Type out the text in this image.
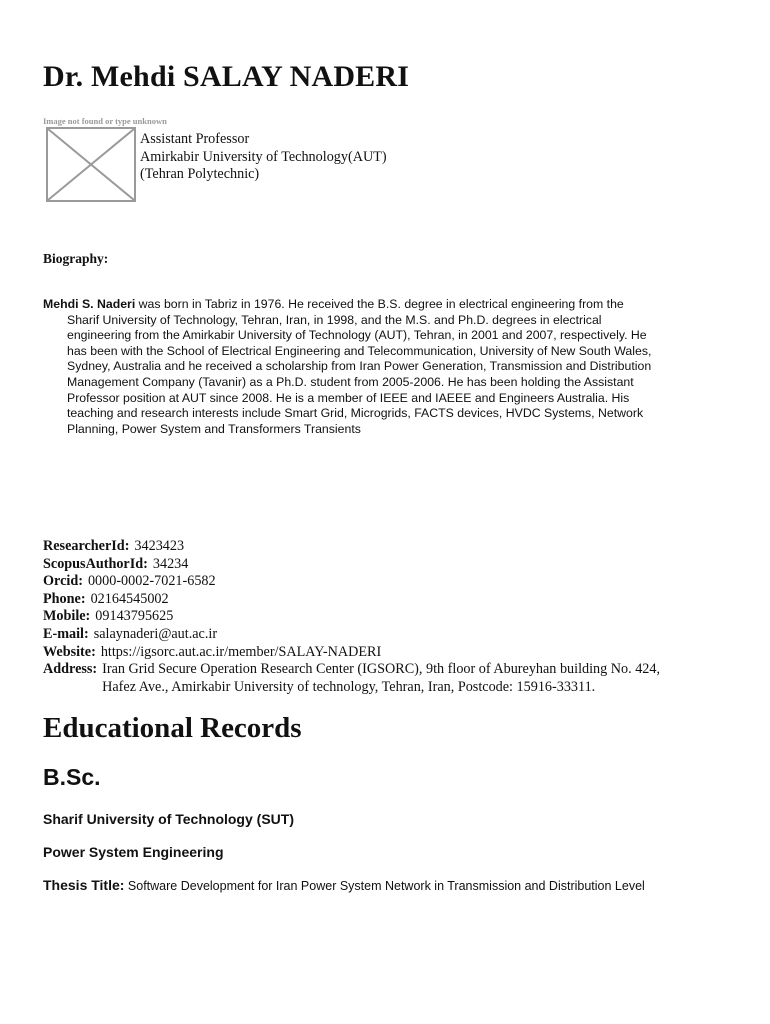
Dr. Mehdi SALAY NADERI
Image not found or type unknown
Assistant Professor
Amirkabir University of Technology(AUT)
(Tehran Polytechnic)
Biography:
Mehdi S. Naderi was born in Tabriz in 1976. He received the B.S. degree in electrical engineering from the
Sharif University of Technology, Tehran, Iran, in 1998, and the M.S. and Ph.D. degrees in electrical
engineering from the Amirkabir University of Technology (AUT), Tehran, in 2001 and 2007, respectively. He
has been with the School of Electrical Engineering and Telecommunication, University of New South Wales,
Sydney, Australia and he received a scholarship from Iran Power Generation, Transmission and Distribution
Management Company (Tavanir) as a Ph.D. student from 2005-2006. He has been holding the Assistant
Professor position at AUT since 2008. He is a member of IEEE and IAEEE and Engineers Australia. His
teaching and research interests include Smart Grid, Microgrids, FACTS devices, HVDC Systems, Network
Planning, Power System and Transformers Transients
ResearcherId: 3423423
ScopusAuthorId: 34234
Orcid: 0000-0002-7021-6582
Phone: 02164545002
Mobile: 09143795625
E-mail: salaynaderi@aut.ac.ir
Website: https://igsorc.aut.ac.ir/member/SALAY-NADERI
Address: Iran Grid Secure Operation Research Center (IGSORC), 9th floor of Abureyhan building No. 424,
Hafez Ave., Amirkabir University of technology, Tehran, Iran, Postcode: 15916-33311.
Educational Records
B.Sc.
Sharif University of Technology (SUT)
Power System Engineering
Thesis Title: Software Development for Iran Power System Network in Transmission and Distribution Level
